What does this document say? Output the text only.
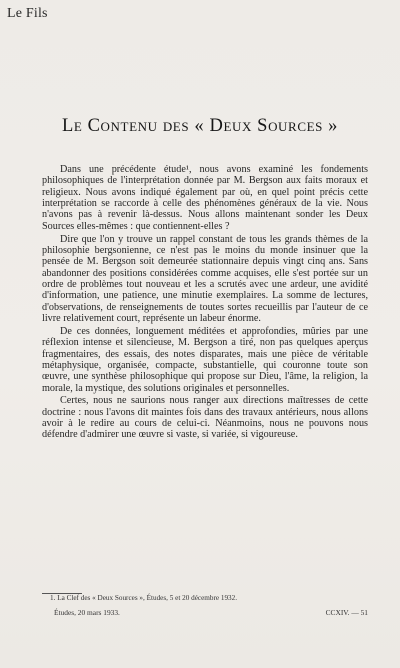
Le Fils
Le Contenu des « Deux Sources »

Dans une précédente étude¹, nous avons examiné les fondements philosophiques de l'interprétation donnée par M. Bergson aux faits moraux et religieux. Nous avons indiqué également par où, en quel point précis cette interprétation se raccorde à celle des phénomènes généraux de la vie. Nous n'avons pas à revenir là-dessus. Nous allons maintenant sonder les Deux Sources elles-mêmes : que contiennent-elles ?

Dire que l'on y trouve un rappel constant de tous les grands thèmes de la philosophie bergsonienne, ce n'est pas le moins du monde insinuer que la pensée de M. Bergson soit demeurée stationnaire depuis vingt cinq ans. Sans abandonner des positions considérées comme acquises, elle s'est portée sur un ordre de problèmes tout nouveau et les a scrutés avec une ardeur, une avidité d'information, une patience, une minutie exemplaires. La somme de lectures, d'observations, de renseignements de toutes sortes recueillis par l'auteur de ce livre relativement court, représente un labeur énorme.

De ces données, longuement méditées et approfondies, mûries par une réflexion intense et silencieuse, M. Bergson a tiré, non pas quelques aperçus fragmentaires, des essais, des notes disparates, mais une pièce de véritable métaphysique, organisée, compacte, substantielle, qui couronne toute son œuvre, une synthèse philosophique qui propose sur Dieu, l'âme, la religion, la morale, la mystique, des solutions originales et personnelles.

Certes, nous ne saurions nous ranger aux directions maîtresses de cette doctrine : nous l'avons dit maintes fois dans des travaux antérieurs, nous allons avoir à le redire au cours de celui-ci. Néanmoins, nous ne pouvons nous défendre d'admirer une œuvre si vaste, si variée, si vigoureuse.

1. La Clef des « Deux Sources », Études, 5 et 20 décembre 1932.
Études, 20 mars 1933.	CCXIV. — 51
